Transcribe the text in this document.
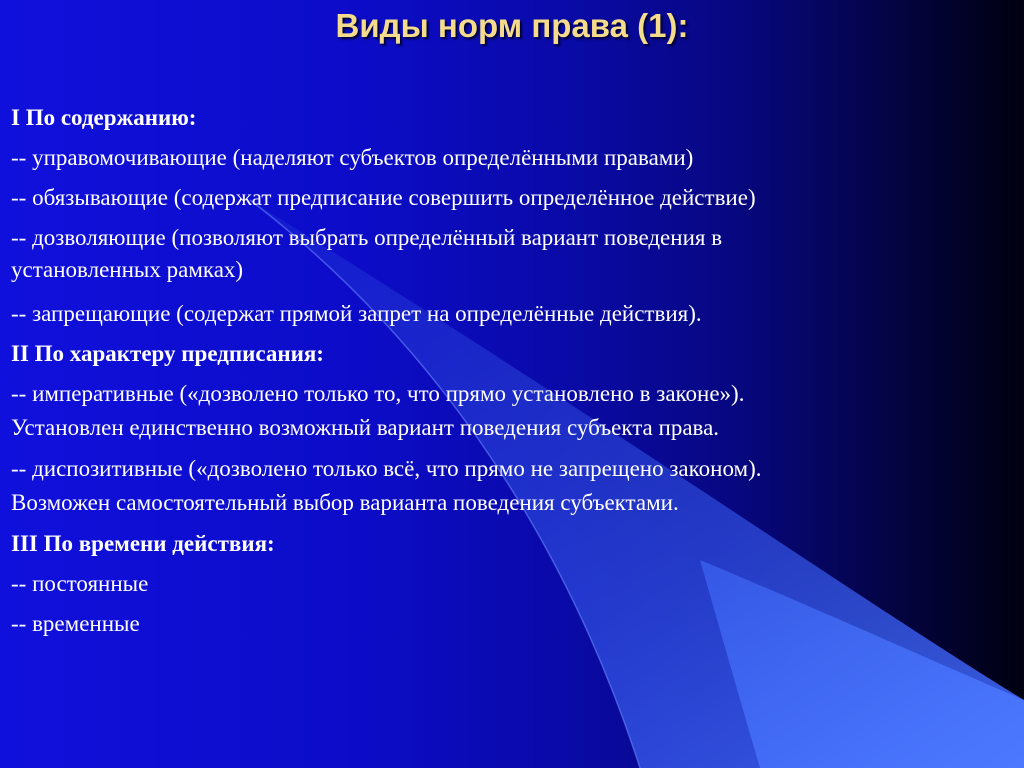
Виды норм права (1):

I По содержанию:

-- управомочивающие (наделяют субъектов определёнными правами)

-- обязывающие (содержат предписание совершить определённое действие)

-- дозволяющие (позволяют выбрать определённый вариант поведения в

установленных рамках)

-- запрещающие (содержат прямой запрет на определённые действия).

II По характеру предписания:

-- императивные («дозволено только то, что прямо установлено в законе»).

Установлен единственно возможный вариант поведения субъекта права.

-- диспозитивные («дозволено только всё, что прямо не запрещено законом).

Возможен самостоятельный выбор варианта поведения субъектами.

III По времени действия:

-- постоянные

-- временные
